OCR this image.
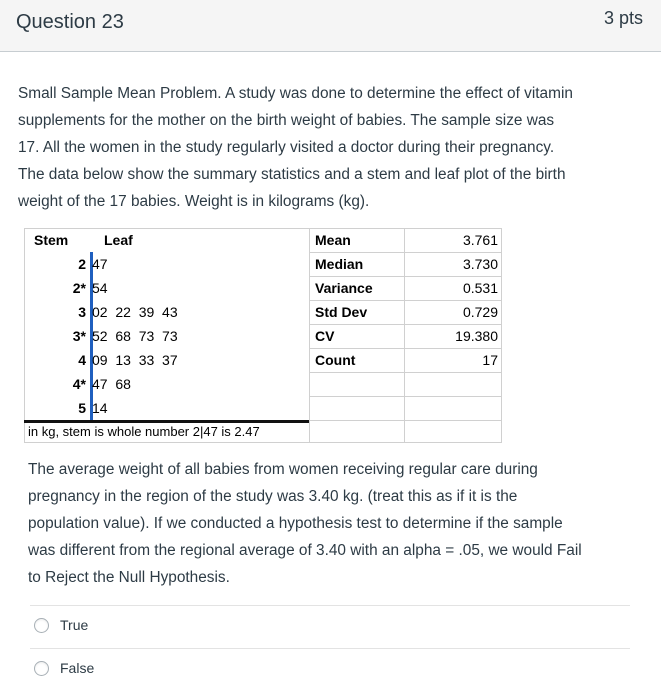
Question 23	3 pts
Small Sample Mean Problem. A study was done to determine the effect of vitamin
supplements for the mother on the birth weight of babies. The sample size was
17. All the women in the study regularly visited a doctor during their pregnancy.
The data below show the summary statistics and a stem and leaf plot of the birth
weight of the 17 babies. Weight is in kilograms (kg).
Stem	Leaf
2 47
2* 54
3 02  22  39  43
3* 52  68  73  73
4 09  13  33  37
4* 47  68
5 14
in kg, stem is whole number 2|47 is 2.47
Mean	3.761
Median	3.730
Variance	0.531
Std Dev	0.729
CV	19.380
Count	17
The average weight of all babies from women receiving regular care during
pregnancy in the region of the study was 3.40 kg. (treat this as if it is the
population value). If we conducted a hypothesis test to determine if the sample
was different from the regional average of 3.40 with an alpha = .05, we would Fail
to Reject the Null Hypothesis.
True
False
